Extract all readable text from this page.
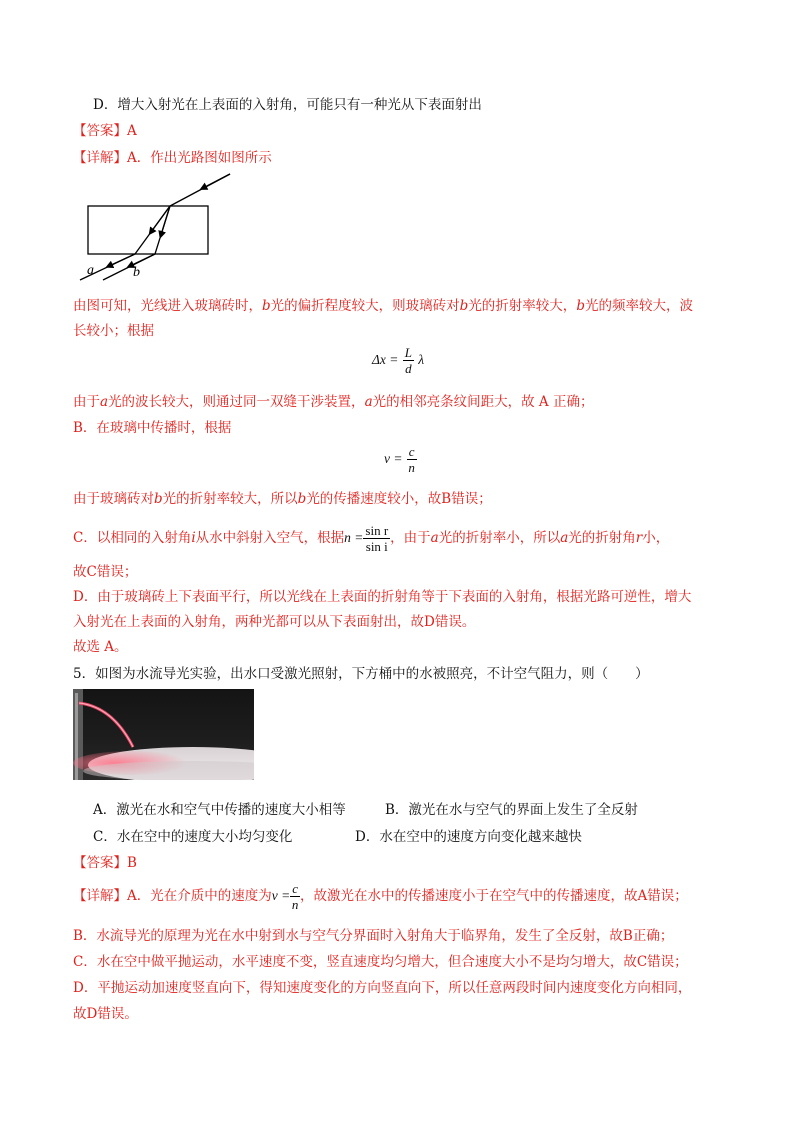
D．增大入射光在上表面的入射角，可能只有一种光从下表面射出
【答案】A
【详解】A．作出光路图如图所示
a	b
由图可知，光线进入玻璃砖时，b光的偏折程度较大，则玻璃砖对b光的折射率较大，b光的频率较大，波
长较小；根据
$\Delta x = \frac{L}{d}$ λ
由于a光的波长较大，则通过同一双缝干涉装置，a光的相邻亮条纹间距大，故 A 正确；
B．在玻璃中传播时，根据
$v = \frac{c}{n}$
由于玻璃砖对b光的折射率较大，所以b光的传播速度较小，故B错误；
C．以相同的入射角i从水中斜射入空气，根据$n = \frac{\text{sin r}}{\text{sin i}}$ ，由于a光的折射率小，所以a光的折射角r小，
故C错误；
D．由于玻璃砖上下表面平行，所以光线在上表面的折射角等于下表面的入射角，根据光路可逆性，增大
入射光在上表面的入射角，两种光都可以从下表面射出，故D错误。
故选 A。
5．如图为水流导光实验，出水口受激光照射，下方桶中的水被照亮，不计空气阻力，则（　　）
A．激光在水和空气中传播的速度大小相等	B．激光在水与空气的界面上发生了全反射
C．水在空中的速度大小均匀变化	D．水在空中的速度方向变化越来越快
【答案】B
【详解】A．光在介质中的速度为$v = \frac{c}{n}$ ，故激光在水中的传播速度小于在空气中的传播速度，故A错误；
B．水流导光的原理为光在水中射到水与空气分界面时入射角大于临界角，发生了全反射，故B正确；
C．水在空中做平抛运动，水平速度不变，竖直速度均匀增大，但合速度大小不是均匀增大，故C错误；
D．平抛运动加速度竖直向下，得知速度变化的方向竖直向下，所以任意两段时间内速度变化方向相同，
故D错误。
